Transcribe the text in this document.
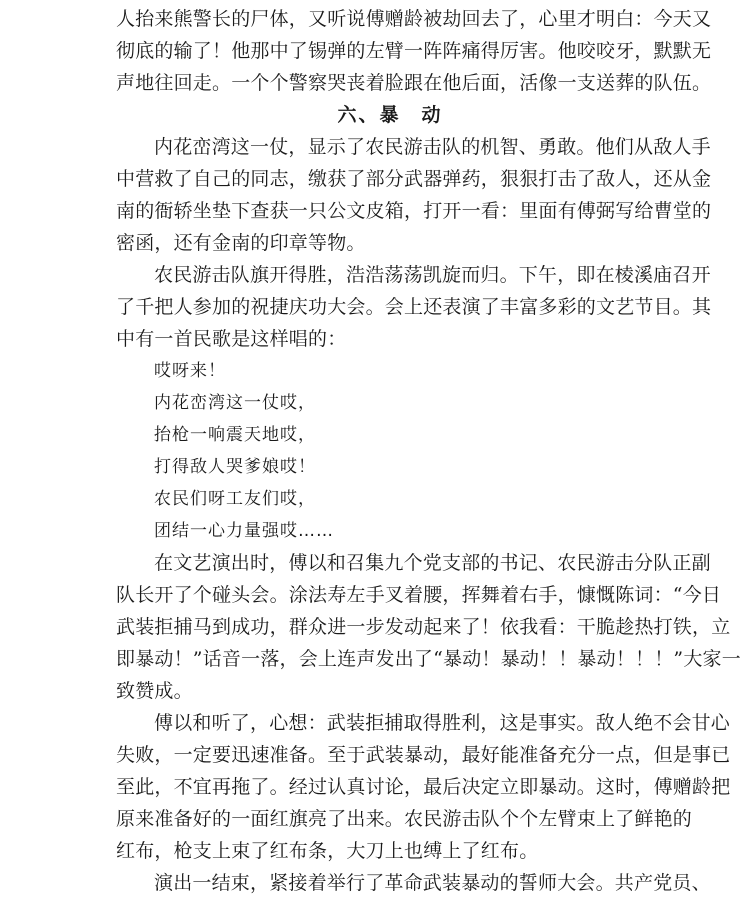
人抬来熊警长的尸体，又听说傅赠龄被劫回去了，心里才明白：今天又
彻底的输了！他那中了锡弹的左臂一阵阵痛得厉害。他咬咬牙，默默无
声地往回走。一个个警察哭丧着脸跟在他后面，活像一支送葬的队伍。
六、暴　动
内花峦湾这一仗，显示了农民游击队的机智、勇敢。他们从敌人手
中营救了自己的同志，缴获了部分武器弹药，狠狠打击了敌人，还从金
南的衙轿坐垫下查获一只公文皮箱，打开一看：里面有傅弼写给曹堂的
密函，还有金南的印章等物。
农民游击队旗开得胜，浩浩荡荡凯旋而归。下午，即在棱溪庙召开
了千把人参加的祝捷庆功大会。会上还表演了丰富多彩的文艺节目。其
中有一首民歌是这样唱的：
哎呀来！
内花峦湾这一仗哎，
抬枪一响震天地哎，
打得敌人哭爹娘哎！
农民们呀工友们哎，
团结一心力量强哎……
在文艺演出时，傅以和召集九个党支部的书记、农民游击分队正副
队长开了个碰头会。涂法寿左手叉着腰，挥舞着右手，慷慨陈词：“今日
武装拒捕马到成功，群众进一步发动起来了！依我看：干脆趁热打铁，立
即暴动！”话音一落，会上连声发出了“暴动！暴动！！暴动！！！”大家一
致赞成。
傅以和听了，心想：武装拒捕取得胜利，这是事实。敌人绝不会甘心
失败，一定要迅速准备。至于武装暴动，最好能准备充分一点，但是事已
至此，不宜再拖了。经过认真讨论，最后决定立即暴动。这时，傅赠龄把
原来准备好的一面红旗亮了出来。农民游击队个个左臂束上了鲜艳的
红布，枪支上束了红布条，大刀上也缚上了红布。
演出一结束，紧接着举行了革命武装暴动的誓师大会。共产党员、
